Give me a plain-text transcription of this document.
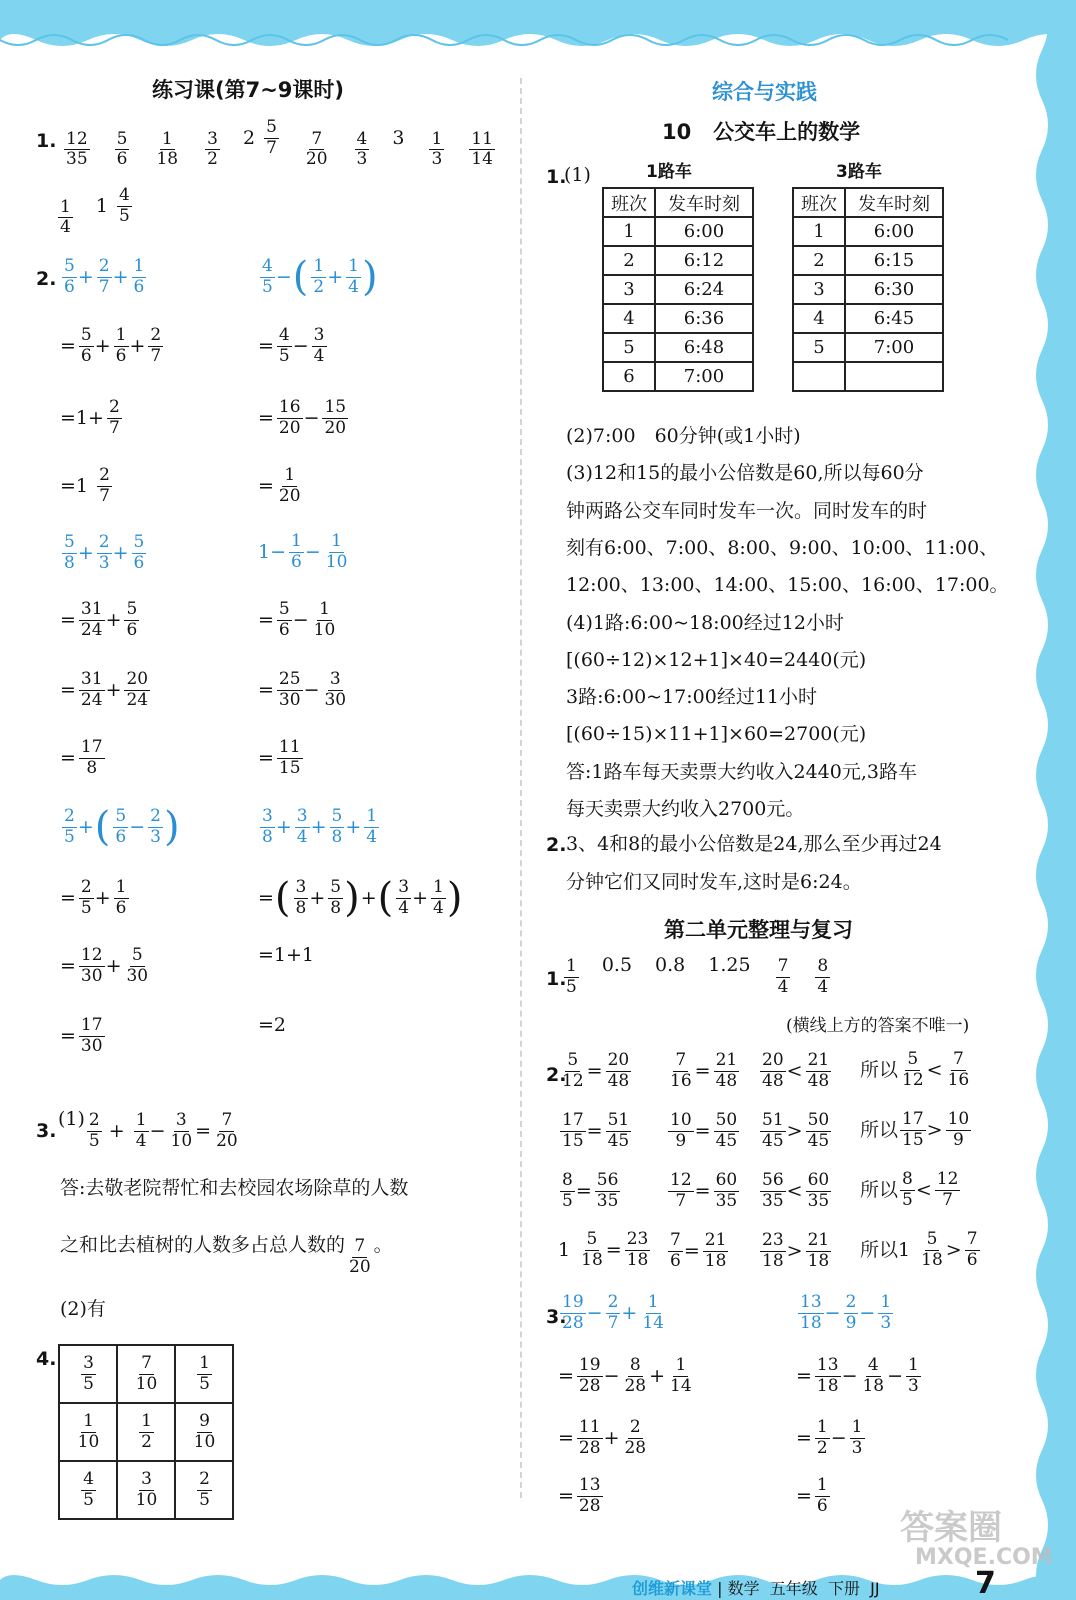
练习课(第7~9课时)
1. $\frac{12}{35} \frac{5}{6} \frac{1}{18} \frac{3}{2} 2 \frac{5}{7} \frac{7}{20} \frac{4}{3} 3 \frac{1}{3} \frac{11}{14}$
$\frac{1}{4} 1 \frac{4}{5}$
2. $\frac{5}{6} + \frac{2}{7} + \frac{1}{6}$
= $\frac{5}{6} + \frac{1}{6} + \frac{2}{7}$
$=1+ \frac{2}{7}$
$=1 \frac{2}{7}$
$\frac{5}{8} + \frac{2}{3} + \frac{5}{6}$
= $\frac{31}{24} + \frac{5}{6}$
= $\frac{31}{24} + \frac{20}{24}$
= $\frac{17}{8}$
$\frac{2}{5}$ + ( $\frac{5}{6} - \frac{2}{3}$ )
= $\frac{2}{5} + \frac{1}{6}$
= $\frac{12}{30} + \frac{5}{30}$
= $\frac{17}{30}$
$\frac{4}{5}$ − ( $\frac{1}{2} + \frac{1}{4}$ )
= $\frac{4}{5} - \frac{3}{4}$
= $\frac{16}{20} - \frac{15}{20}$
= $\frac{1}{20}$
$1- \frac{1}{6} - \frac{1}{10}$
= $\frac{5}{6} - \frac{1}{10}$
= $\frac{25}{30} - \frac{3}{30}$
= $\frac{11}{15}$
$\frac{3}{8} + \frac{3}{4} + \frac{5}{8} + \frac{1}{4}$
= ( $\frac{3}{8} + \frac{5}{8}$ ) + ( $\frac{3}{4} + \frac{1}{4}$ )
=1+1
=2
3.
$(1) \frac{2}{5} + \frac{1}{4} - \frac{3}{10} = \frac{7}{20}$
答:去敬老院帮忙和去校园农场除草的人数
之和比去植树的人数多占总人数的 $\frac{7}{20}$ 。
(2)有
4. $\frac{3}{5}$	$\frac{7}{10}$	$\frac{1}{5}$

$\frac{1}{10}$	$\frac{1}{2}$	$\frac{9}{10}$

$\frac{4}{5}$	$\frac{3}{10}$	$\frac{2}{5}$
综合与实践
10 公交车上的数学
1.
(1)	1路车	3路车
班次	发车时刻
1	6:00
2	6:12
3	6:24
4	6:36
5	6:48
6	7:00
班次	发车时刻
1	6:00
2	6:15
3	6:30
4	6:45
5	7:00

(2)7:00　60分钟(或1小时)
(3)12和15的最小公倍数是60,所以每60分
钟两路公交车同时发车一次。同时发车的时
刻有6:00、7:00、8:00、9:00、10:00、11:00、
12:00、13:00、14:00、15:00、16:00、17:00。
(4)1路:6:00~18:00经过12小时
[(60÷12)×12+1]×40=2440(元)
3路:6:00~17:00经过11小时
[(60÷15)×11+1]×60=2700(元)
答:1路车每天卖票大约收入2440元,3路车
每天卖票大约收入2700元。
2. 3、4和8的最小公倍数是24,那么至少再过24
分钟它们又同时发车,这时是6:24。
第二单元整理与复习
1.
$\frac{1}{5} 0.5$ 0.8 $1.25 \frac{7}{4} \frac{8}{4}$
(横线上方的答案不唯一)
2.
$\frac{5}{12} = \frac{20}{48} \frac{7}{16} = \frac{21}{48} \frac{20}{48} < \frac{21}{48}$ 所以 $\frac{5}{12} < \frac{7}{16}$
$\frac{17}{15} = \frac{51}{45} \frac{10}{9} = \frac{50}{45} \frac{51}{45} > \frac{50}{45}$ 所以 $\frac{17}{15} > \frac{10}{9}$
$\frac{8}{5} = \frac{56}{35}$	$\frac{12}{7} = \frac{60}{35} \frac{56}{35} < \frac{60}{35}$ 所以 $\frac{8}{5} < \frac{12}{7}$
$1 \frac{5}{18} = \frac{23}{18} \frac{7}{6} = \frac{21}{18} \frac{23}{18} > \frac{21}{18}$ 所以 $1 \frac{5}{18} > \frac{7}{6}$
3.
$\frac{19}{28} - \frac{2}{7} + \frac{1}{14}$
= $\frac{19}{28} - \frac{8}{28} + \frac{1}{14}$
= $\frac{11}{28} + \frac{2}{28}$
= $\frac{13}{28}$
$\frac{13}{18} - \frac{2}{9} - \frac{1}{3}$
= $\frac{13}{18} - \frac{4}{18} - \frac{1}{3}$
= $\frac{1}{2} - \frac{1}{3}$
= $\frac{1}{6}$
创维新课堂 | 数学 五年级 下册 JJ	7
答案圈
MXQE.COM
